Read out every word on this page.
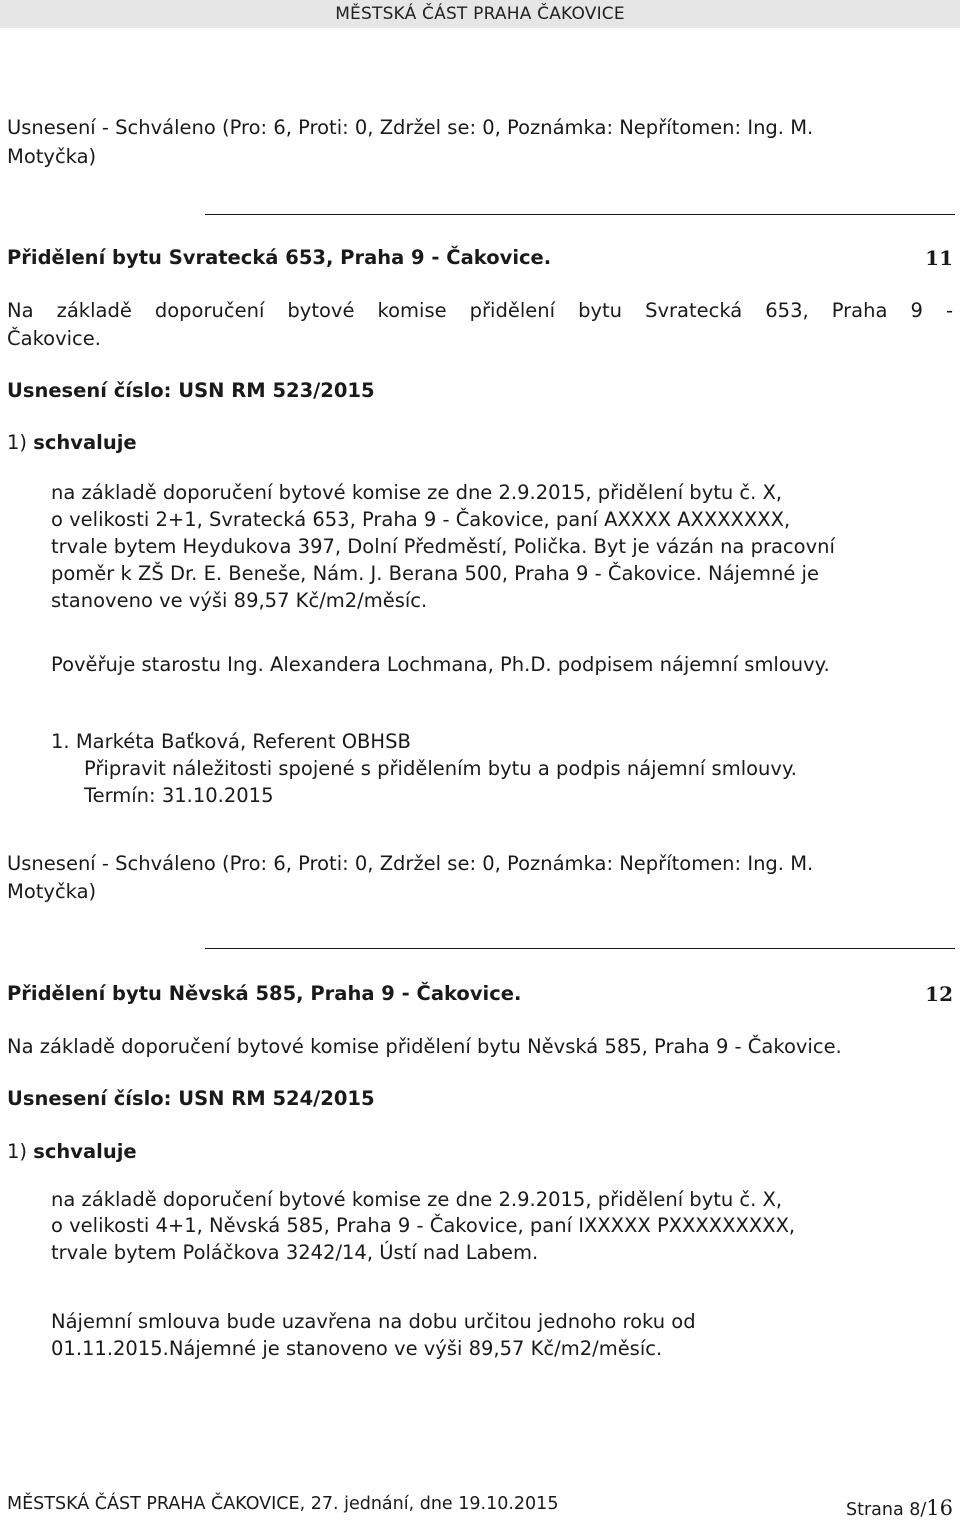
MĚSTSKÁ ČÁST PRAHA ČAKOVICE
Usnesení - Schváleno (Pro: 6, Proti: 0, Zdržel se: 0, Poznámka: Nepřítomen: Ing. M.
Motyčka)
Přidělení bytu Svratecká 653, Praha 9 - Čakovice.	11
Na základě doporučení bytové komise přidělení bytu Svratecká 653, Praha 9 -
Čakovice.
Usnesení číslo: USN RM 523/2015
1) schvaluje
na základě doporučení bytové komise ze dne 2.9.2015, přidělení bytu č. X,
o velikosti 2+1, Svratecká 653, Praha 9 - Čakovice, paní AXXXX AXXXXXXX,
trvale bytem Heydukova 397, Dolní Předměstí, Polička. Byt je vázán na pracovní
poměr k ZŠ Dr. E. Beneše, Nám. J. Berana 500, Praha 9 - Čakovice. Nájemné je
stanoveno ve výši 89,57 Kč/m2/měsíc.
Pověřuje starostu Ing. Alexandera Lochmana, Ph.D. podpisem nájemní smlouvy.
1. Markéta Baťková, Referent OBHSB
Připravit náležitosti spojené s přidělením bytu a podpis nájemní smlouvy.
Termín: 31.10.2015
Usnesení - Schváleno (Pro: 6, Proti: 0, Zdržel se: 0, Poznámka: Nepřítomen: Ing. M.
Motyčka)
Přidělení bytu Něvská 585, Praha 9 - Čakovice.	12
Na základě doporučení bytové komise přidělení bytu Něvská 585, Praha 9 - Čakovice.
Usnesení číslo: USN RM 524/2015
1) schvaluje
na základě doporučení bytové komise ze dne 2.9.2015, přidělení bytu č. X,
o velikosti 4+1, Něvská 585, Praha 9 - Čakovice, paní IXXXXX PXXXXXXXXX,
trvale bytem Poláčkova 3242/14, Ústí nad Labem.
Nájemní smlouva bude uzavřena na dobu určitou jednoho roku od
01.11.2015.Nájemné je stanoveno ve výši 89,57 Kč/m2/měsíc.
MĚSTSKÁ ČÁST PRAHA ČAKOVICE, 27. jednání, dne 19.10.2015	Strana 8/16
